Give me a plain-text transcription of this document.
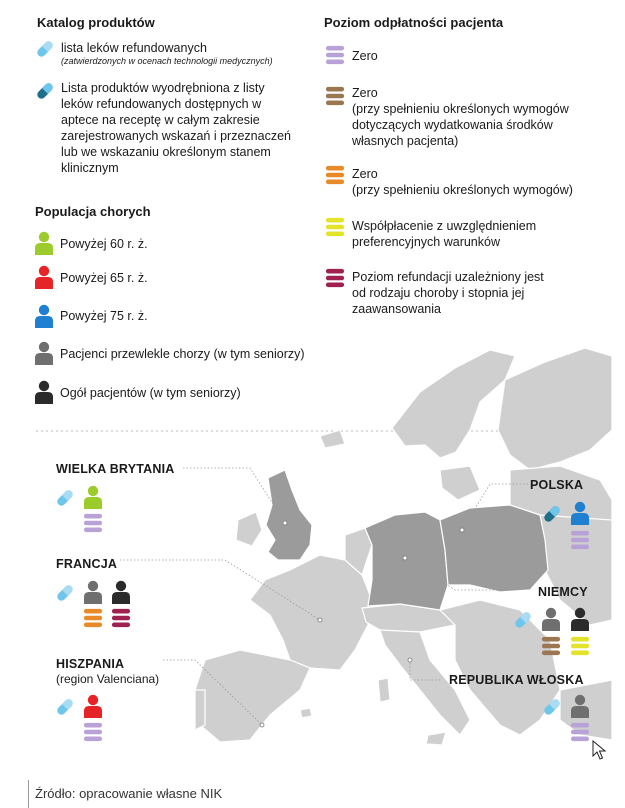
Katalog produktów
lista leków refundowanych
(zatwierdzonych w ocenach technologii medycznych)
Lista produktów wyodrębniona z listy
leków refundowanych dostępnych w
aptece na receptę w całym zakresie
zarejestrowanych wskazań i przeznaczeń
lub we wskazaniu określonym stanem
klinicznym
Populacja chorych
Powyżej 60 r. ż.
Powyżej 65 r. ż.
Powyżej 75 r. ż.
Pacjenci przewlekle chorzy (w tym seniorzy)
Ogół pacjentów (w tym seniorzy)
Poziom odpłatności pacjenta
Zero
Zero
(przy spełnieniu określonych wymogów
dotyczących wydatkowania środków
własnych pacjenta)
Zero
(przy spełnieniu określonych wymogów)
Współpłacenie z uwzględnieniem
preferencyjnych warunków
Poziom refundacji uzależniony jest
od rodzaju choroby i stopnia jej
zaawansowania
WIELKA BRYTANIA
FRANCJA
HISZPANIA
(region Valenciana)
POLSKA
NIEMCY
REPUBLIKA WŁOSKA
Źródło: opracowanie własne NIK
